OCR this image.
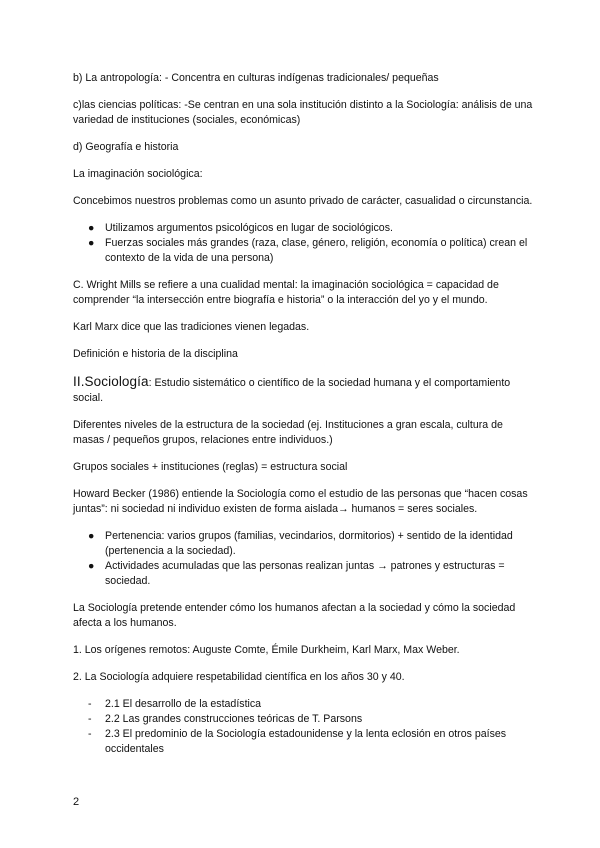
b) La antropología: - Concentra en culturas indígenas tradicionales/ pequeñas

c)las ciencias políticas: -Se centran en una sola institución distinto a la Sociología: análisis de una variedad de instituciones (sociales, económicas)

d) Geografía e historia

La imaginación sociológica:

Concebimos nuestros problemas como un asunto privado de carácter, casualidad o circunstancia.

● Utilizamos argumentos psicológicos en lugar de sociológicos.
● Fuerzas sociales más grandes (raza, clase, género, religión, economía o política) crean el contexto de la vida de una persona)

C. Wright Mills se refiere a una cualidad mental: la imaginación sociológica = capacidad de comprender “la intersección entre biografía e historia” o la interacción del yo y el mundo.

Karl Marx dice que las tradiciones vienen legadas.

Definición e historia de la disciplina

II.Sociología: Estudio sistemático o científico de la sociedad humana y el comportamiento social.

Diferentes niveles de la estructura de la sociedad (ej. Instituciones a gran escala, cultura de masas / pequeños grupos, relaciones entre individuos.)

Grupos sociales + instituciones (reglas) = estructura social

Howard Becker (1986) entiende la Sociología como el estudio de las personas que “hacen cosas juntas”: ni sociedad ni individuo existen de forma aislada→ humanos = seres sociales.

● Pertenencia: varios grupos (familias, vecindarios, dormitorios) + sentido de la identidad (pertenencia a la sociedad).
● Actividades acumuladas que las personas realizan juntas → patrones y estructuras = sociedad.

La Sociología pretende entender cómo los humanos afectan a la sociedad y cómo la sociedad afecta a los humanos.

1. Los orígenes remotos: Auguste Comte, Émile Durkheim, Karl Marx, Max Weber.

2. La Sociología adquiere respetabilidad científica en los años 30 y 40.

- 2.1 El desarrollo de la estadística
- 2.2 Las grandes construcciones teóricas de T. Parsons
- 2.3 El predominio de la Sociología estadounidense y la lenta eclosión en otros países occidentales
2
